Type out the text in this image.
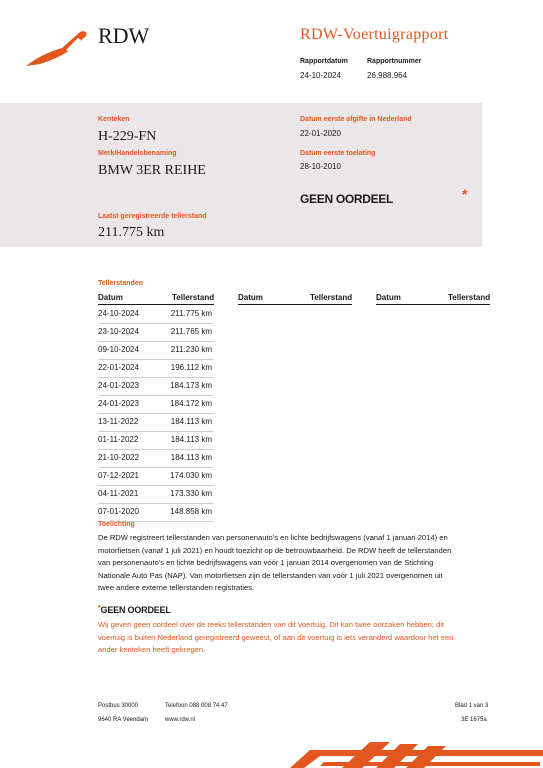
RDW	RDW-Voertuigrapport
Rapportdatum
24-10-2024
Rapportnummer
26.988.964
Kenteken
H-229-FN
Merk/Handelsbenaming
BMW 3ER REIHE
Laatst geregistreerde tellerstand
211.775 km
Datum eerste afgifte in Nederland
22-01-2020
Datum eerste toelating
28-10-2010
GEEN OORDEEL	*
Tellerstanden
Datum	Tellerstand	Datum	Tellerstand	Datum	Tellerstand
24-10-2024	211.775 km
23-10-2024	211.765 km
09-10-2024	211.230 km
22-01-2024	196.112 km
24-01-2023	184.173 km
24-01-2023	184.172 km
13-11-2022	184.113 km
01-11-2022	184.113 km
21-10-2022	184.113 km
07-12-2021	174.030 km
04-11-2021	173.330 km
07-01-2020	148.858 km
Toelichting
De RDW registreert tellerstanden van personenauto's en lichte bedrijfswagens (vanaf 1 januari 2014) en
motorfietsen (vanaf 1 juli 2021) en houdt toezicht op de betrouwbaarheid. De RDW heeft de tellerstanden
van personenauto's en lichte bedrijfswagens van vóór 1 januari 2014 overgenomen van de Stichting
Nationale Auto Pas (NAP). Van motorfietsen zijn de tellerstanden van vóór 1 juli 2021 overgenomen uit
twee andere externe tellerstanden registraties.
*GEEN OORDEEL
Wij geven geen oordeel over de reeks tellerstanden van dit voertuig. Dit kan twee oorzaken hebben; dit
voertuig is buiten Nederland geregistreerd geweest, of aan dit voertuig is iets veranderd waardoor het een
ander kenteken heeft gekregen.
Postbus 30000
9640 RA Veendam
Telefoon 088 008 74 47
www.rdw.nl
Blad 1 van 3
3E 1675a
